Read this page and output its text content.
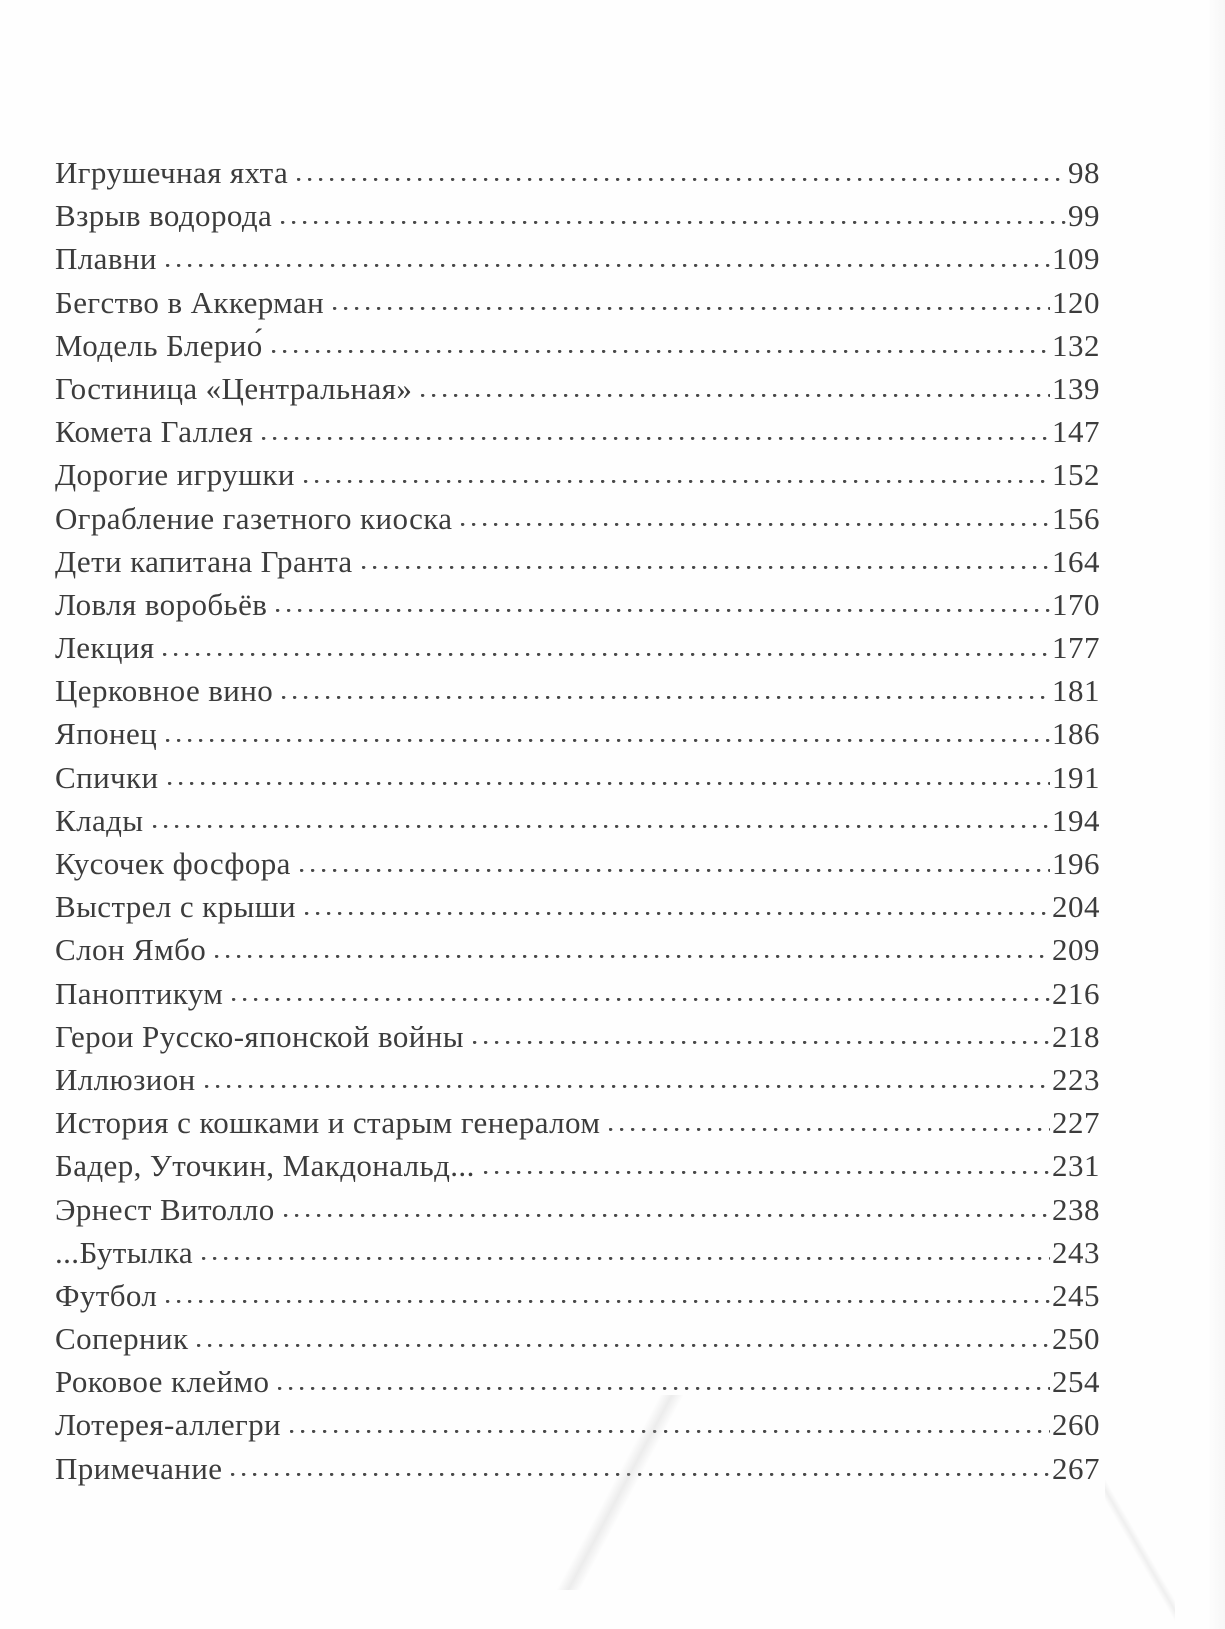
Игрушечная яхта	98
Взрыв водорода	99
Плавни	109
Бегство в Аккерман	120
Модель Блерио́	132
Гостиница «Центральная»	139
Комета Галлея	147
Дорогие игрушки	152
Ограбление газетного киоска	156
Дети капитана Гранта	164
Ловля воробьёв	170
Лекция	177
Церковное вино	181
Японец	186
Спички	191
Клады	194
Кусочек фосфора	196
Выстрел с крыши	204
Слон Ямбо	209
Паноптикум	216
Герои Русско-японской войны	218
Иллюзион	223
История с кошками и старым генералом	227
Бадер, Уточкин, Макдональд...	231
Эрнест Витолло	238
...Бутылка	243
Футбол	245
Соперник	250
Роковое клеймо	254
Лотерея-аллегри	260
Примечание	267
